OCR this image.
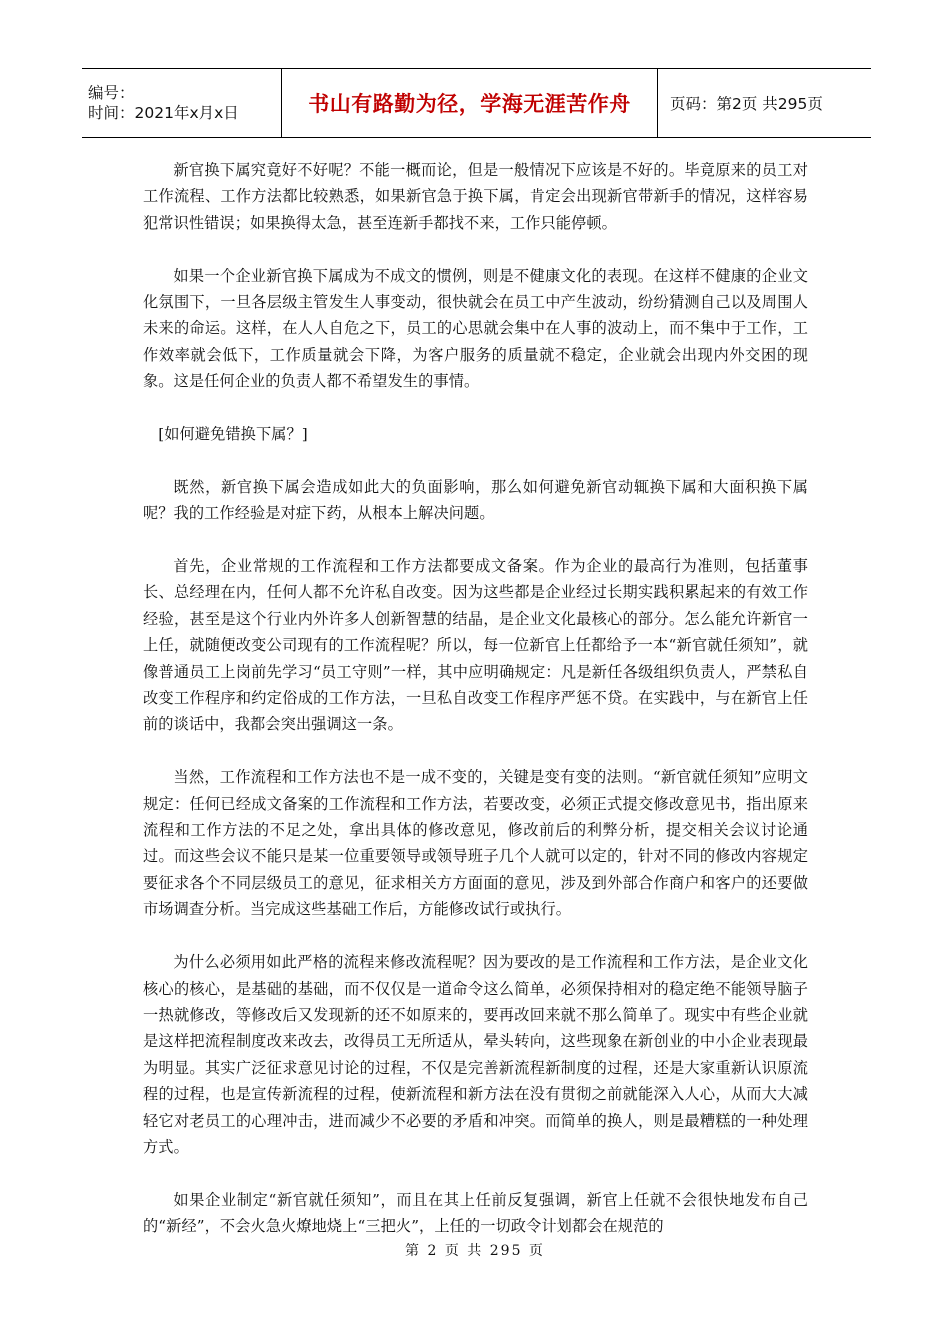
编号：
时间：2021年x月x日	书山有路勤为径，学海无涯苦作舟	页码：第2页 共295页

新官换下属究竟好不好呢？不能一概而论，但是一般情况下应该是不好的。毕竟原来的员工对工作流程、工作方法都比较熟悉，如果新官急于换下属，肯定会出现新官带新手的情况，这样容易犯常识性错误；如果换得太急，甚至连新手都找不来，工作只能停顿。

如果一个企业新官换下属成为不成文的惯例，则是不健康文化的表现。在这样不健康的企业文化氛围下，一旦各层级主管发生人事变动，很快就会在员工中产生波动，纷纷猜测自己以及周围人未来的命运。这样，在人人自危之下，员工的心思就会集中在人事的波动上，而不集中于工作，工作效率就会低下，工作质量就会下降，为客户服务的质量就不稳定，企业就会出现内外交困的现象。这是任何企业的负责人都不希望发生的事情。

[如何避免错换下属？]

既然，新官换下属会造成如此大的负面影响，那么如何避免新官动辄换下属和大面积换下属呢？我的工作经验是对症下药，从根本上解决问题。

首先，企业常规的工作流程和工作方法都要成文备案。作为企业的最高行为准则，包括董事长、总经理在内，任何人都不允许私自改变。因为这些都是企业经过长期实践积累起来的有效工作经验，甚至是这个行业内外许多人创新智慧的结晶，是企业文化最核心的部分。怎么能允许新官一上任，就随便改变公司现有的工作流程呢？所以，每一位新官上任都给予一本“新官就任须知”，就像普通员工上岗前先学习“员工守则”一样，其中应明确规定：凡是新任各级组织负责人，严禁私自改变工作程序和约定俗成的工作方法，一旦私自改变工作程序严惩不贷。在实践中，与在新官上任前的谈话中，我都会突出强调这一条。

当然，工作流程和工作方法也不是一成不变的，关键是变有变的法则。“新官就任须知”应明文规定：任何已经成文备案的工作流程和工作方法，若要改变，必须正式提交修改意见书，指出原来流程和工作方法的不足之处，拿出具体的修改意见，修改前后的利弊分析，提交相关会议讨论通过。而这些会议不能只是某一位重要领导或领导班子几个人就可以定的，针对不同的修改内容规定要征求各个不同层级员工的意见，征求相关方方面面的意见，涉及到外部合作商户和客户的还要做市场调查分析。当完成这些基础工作后，方能修改试行或执行。

为什么必须用如此严格的流程来修改流程呢？因为要改的是工作流程和工作方法，是企业文化核心的核心，是基础的基础，而不仅仅是一道命令这么简单，必须保持相对的稳定绝不能领导脑子一热就修改，等修改后又发现新的还不如原来的，要再改回来就不那么简单了。现实中有些企业就是这样把流程制度改来改去，改得员工无所适从，晕头转向，这些现象在新创业的中小企业表现最为明显。其实广泛征求意见讨论的过程，不仅是完善新流程新制度的过程，还是大家重新认识原流程的过程，也是宣传新流程的过程，使新流程和新方法在没有贯彻之前就能深入人心，从而大大减轻它对老员工的心理冲击，进而减少不必要的矛盾和冲突。而简单的换人，则是最糟糕的一种处理方式。

如果企业制定“新官就任须知”，而且在其上任前反复强调，新官上任就不会很快地发布自己的“新经”，不会火急火燎地烧上“三把火”，上任的一切政令计划都会在规范的

第 2 页 共 295 页
